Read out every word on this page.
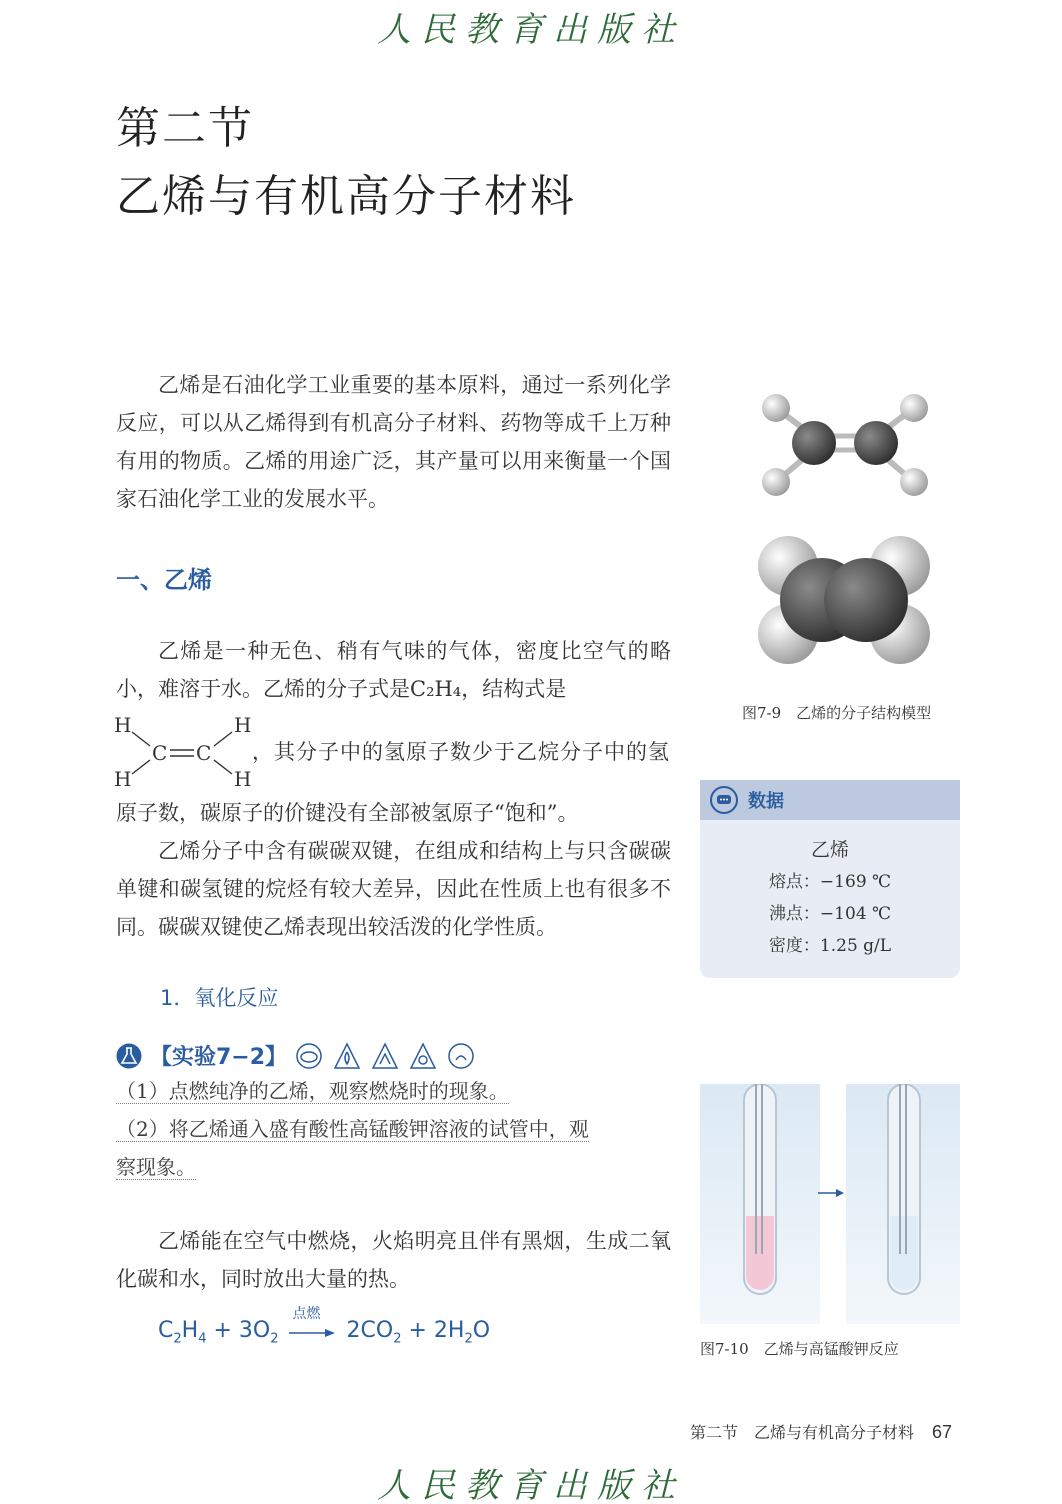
人民教育出版社
第二节
乙烯与有机高分子材料

乙烯是石油化学工业重要的基本原料，通过一系列化学反应，可以从乙烯得到有机高分子材料、药物等成千上万种有用的物质。乙烯的用途广泛，其产量可以用来衡量一个国家石油化学工业的发展水平。

一、乙烯

乙烯是一种无色、稍有气味的气体，密度比空气的略小，难溶于水。乙烯的分子式是C₂H₄，结构式是

H
H
H
H
C C ，其分子中的氢原子数少于乙烷分子中的氢
原子数，碳原子的价键没有全部被氢原子“饱和”。

乙烯分子中含有碳碳双键，在组成和结构上与只含碳碳单键和碳氢键的烷烃有较大差异，因此在性质上也有很多不同。碳碳双键使乙烯表现出较活泼的化学性质。

1．氧化反应
【实验7−2】
（1）点燃纯净的乙烯，观察燃烧时的现象。
（2）将乙烯通入盛有酸性高锰酸钾溶液的试管中，观
察现象。

乙烯能在空气中燃烧，火焰明亮且伴有黑烟，生成二氧化碳和水，同时放出大量的热。

$C_2H_4 + 3O_2$
点燃
$2CO_2 + 2H_2O$
图7-9　乙烯的分子结构模型
数据
乙烯
熔点：−169 ℃
沸点：−104 ℃
密度：1.25 g/L
图7-10　乙烯与高锰酸钾反应
第二节　乙烯与有机高分子材料 67
人民教育出版社
